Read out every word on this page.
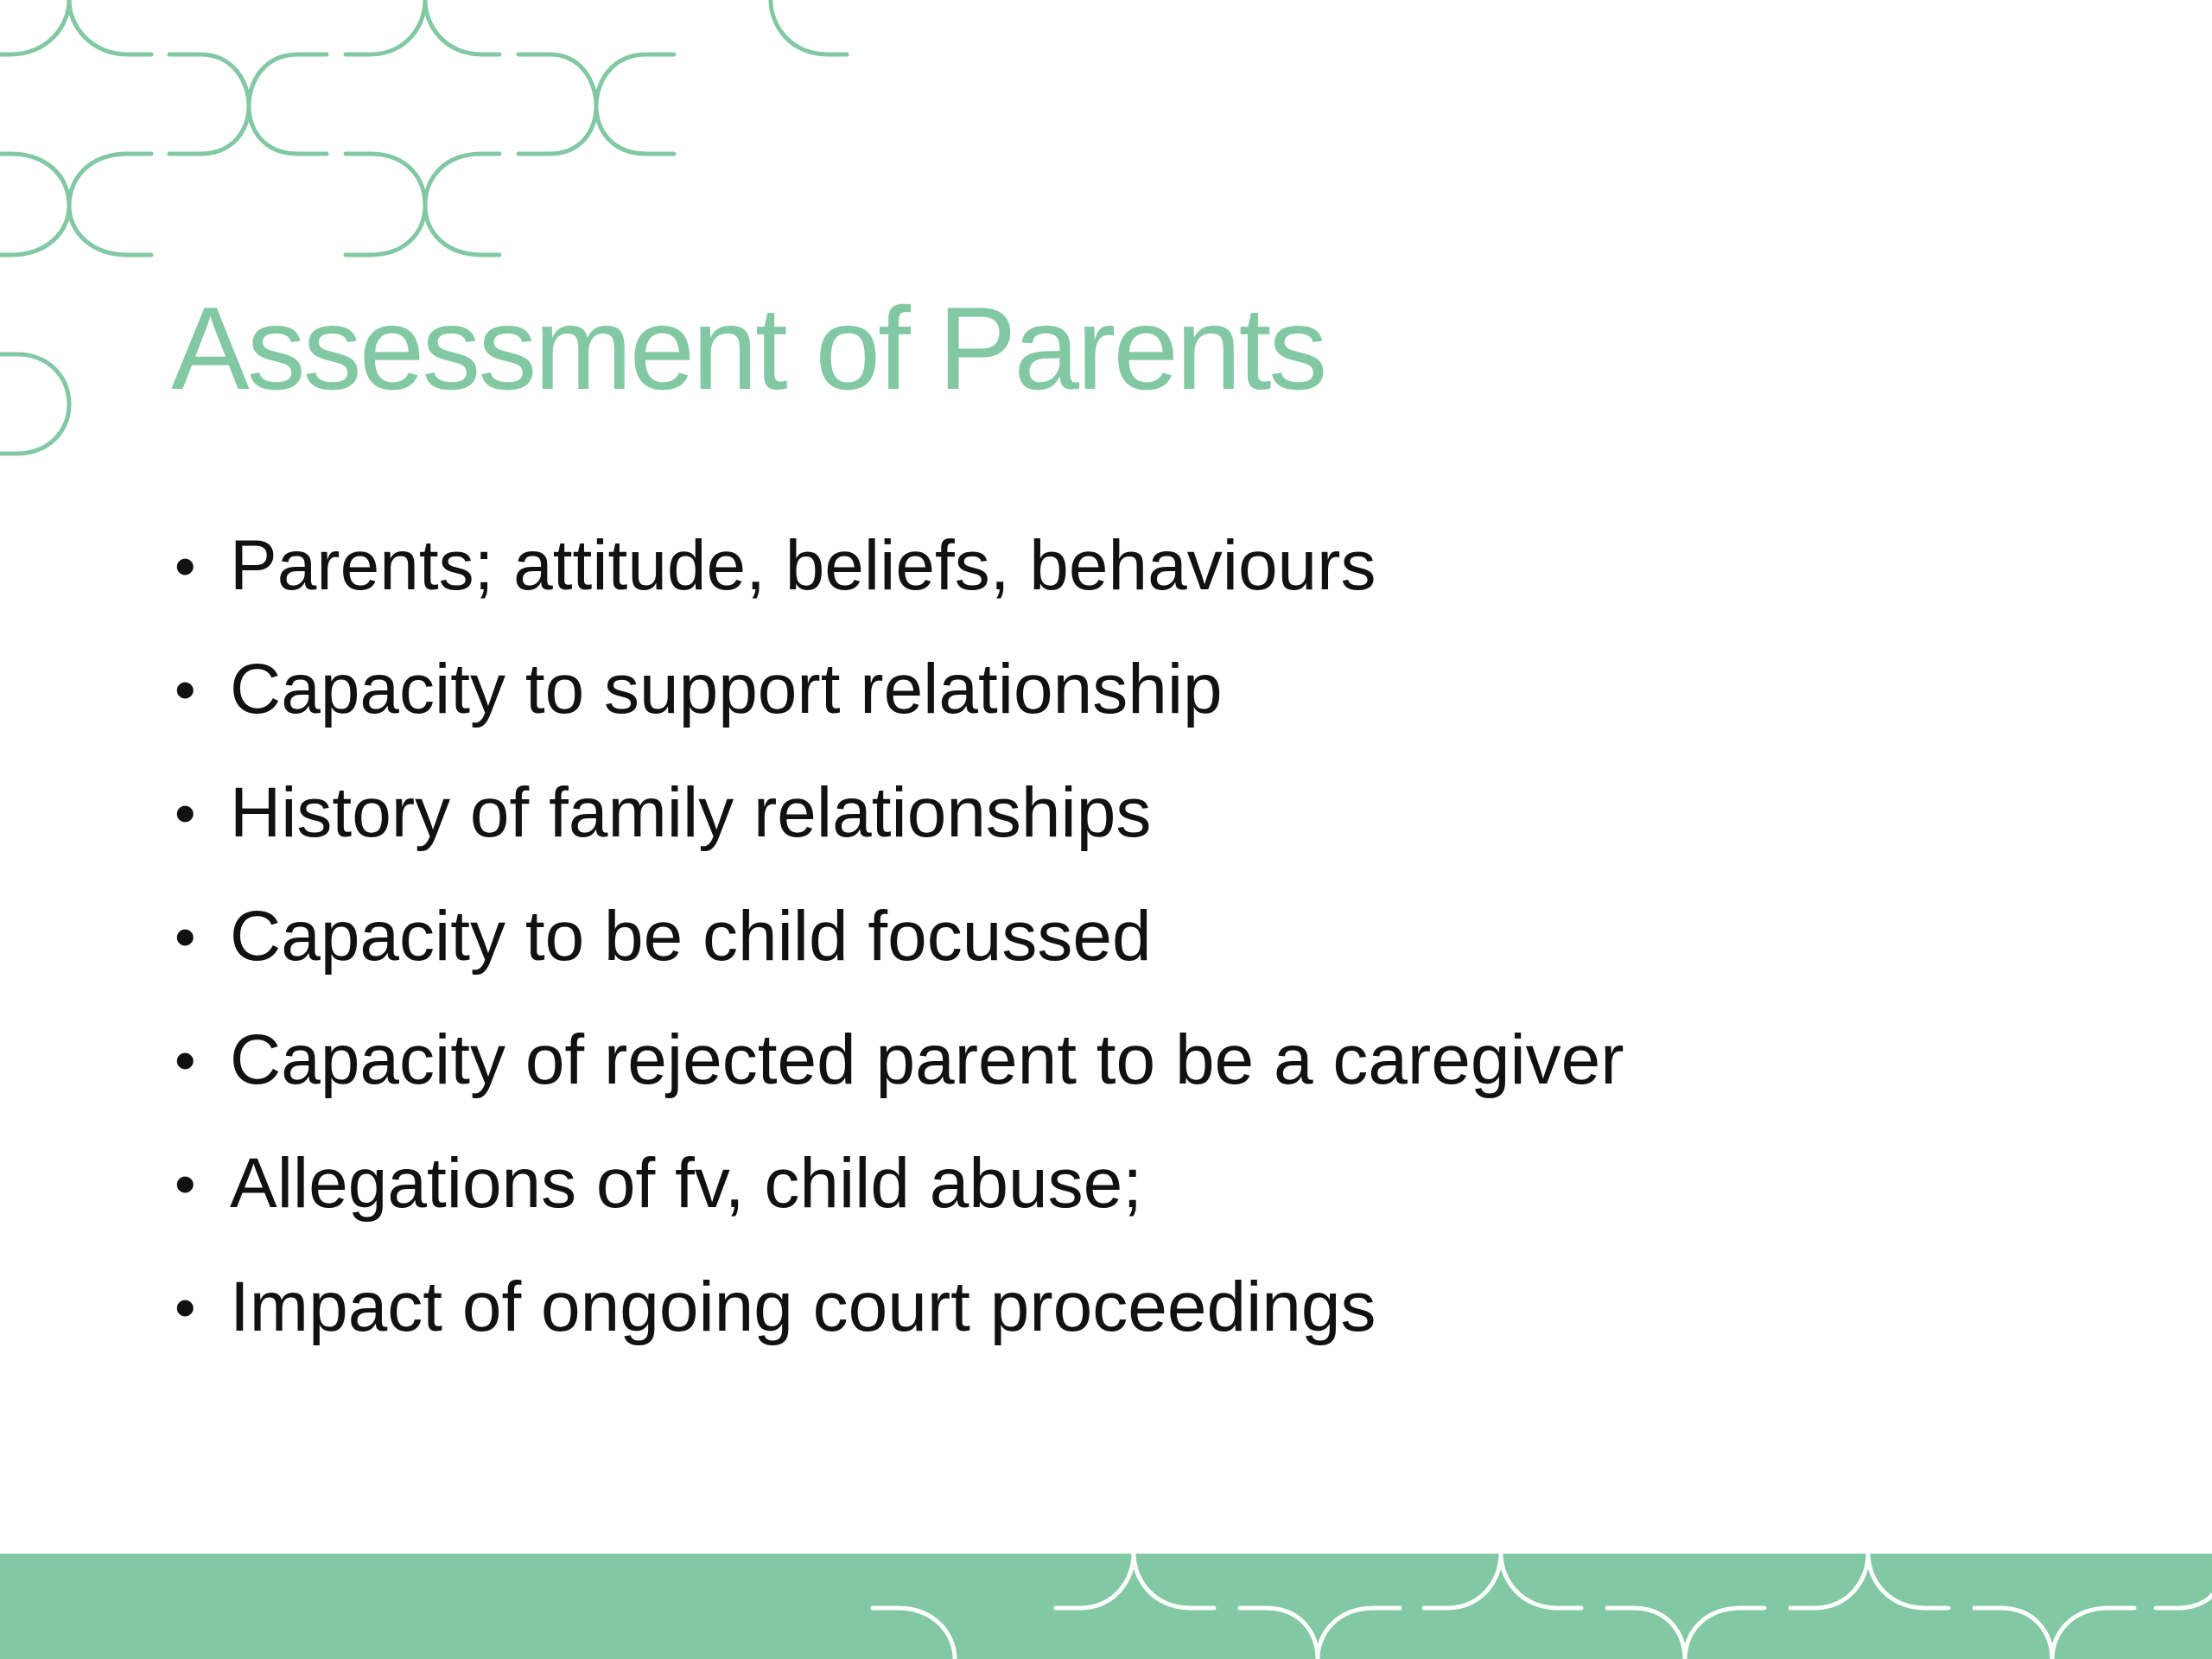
Assessment of Parents
• Parents; attitude, beliefs, behaviours
• Capacity to support relationship
• History of family relationships
• Capacity to be child focussed
• Capacity of rejected parent to be a caregiver
• Allegations of fv, child abuse;
• Impact of ongoing court proceedings
